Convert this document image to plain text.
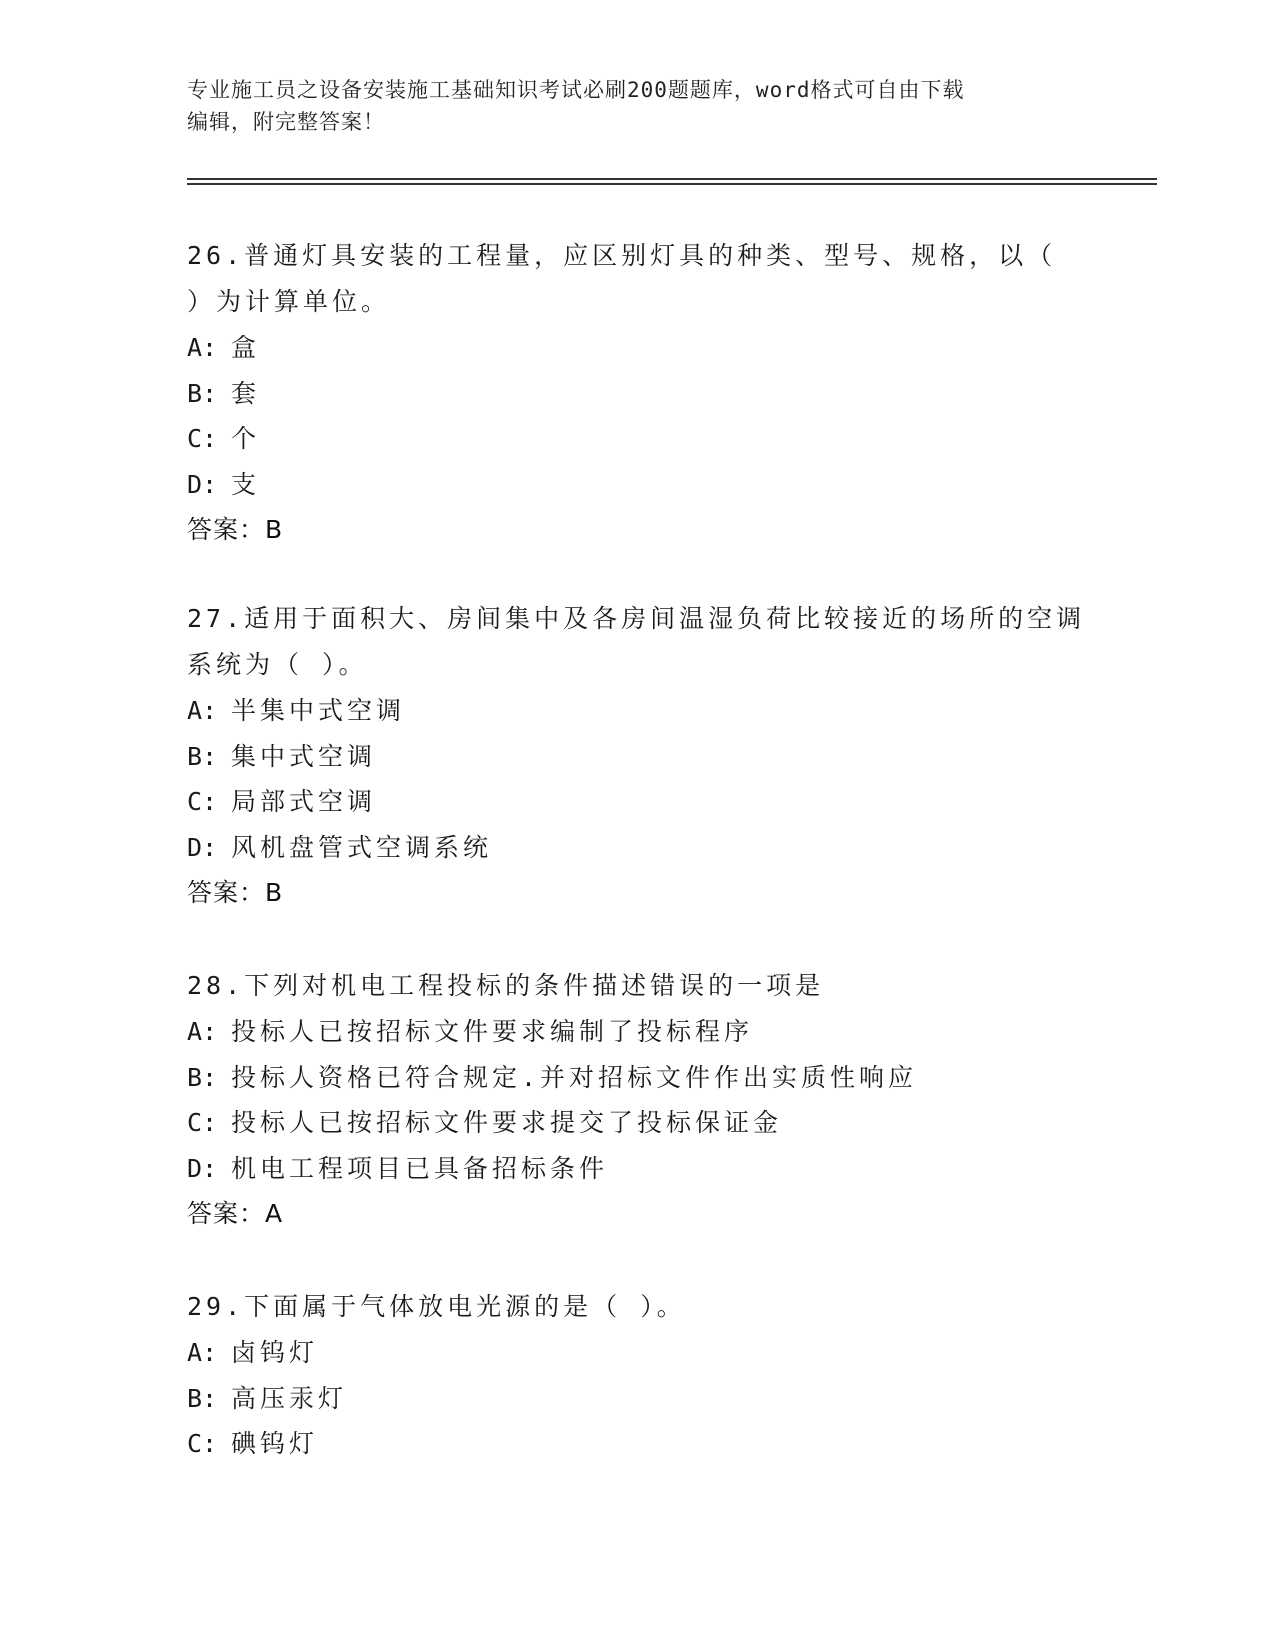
专业施工员之设备安装施工基础知识考试必刷200题题库，word格式可自由下载
编辑，附完整答案！
26.普通灯具安装的工程量，应区别灯具的种类、型号、规格，以（
）为计算单位。
A: 盒
B: 套
C: 个
D: 支
答案：B
27.适用于面积大、房间集中及各房间温湿负荷比较接近的场所的空调
系统为（ ）。
A: 半集中式空调
B: 集中式空调
C: 局部式空调
D: 风机盘管式空调系统
答案：B
28.下列对机电工程投标的条件描述错误的一项是
A: 投标人已按招标文件要求编制了投标程序
B: 投标人资格已符合规定.并对招标文件作出实质性响应
C: 投标人已按招标文件要求提交了投标保证金
D: 机电工程项目已具备招标条件
答案：A
29.下面属于气体放电光源的是（ ）。
A: 卤钨灯
B: 高压汞灯
C: 碘钨灯
